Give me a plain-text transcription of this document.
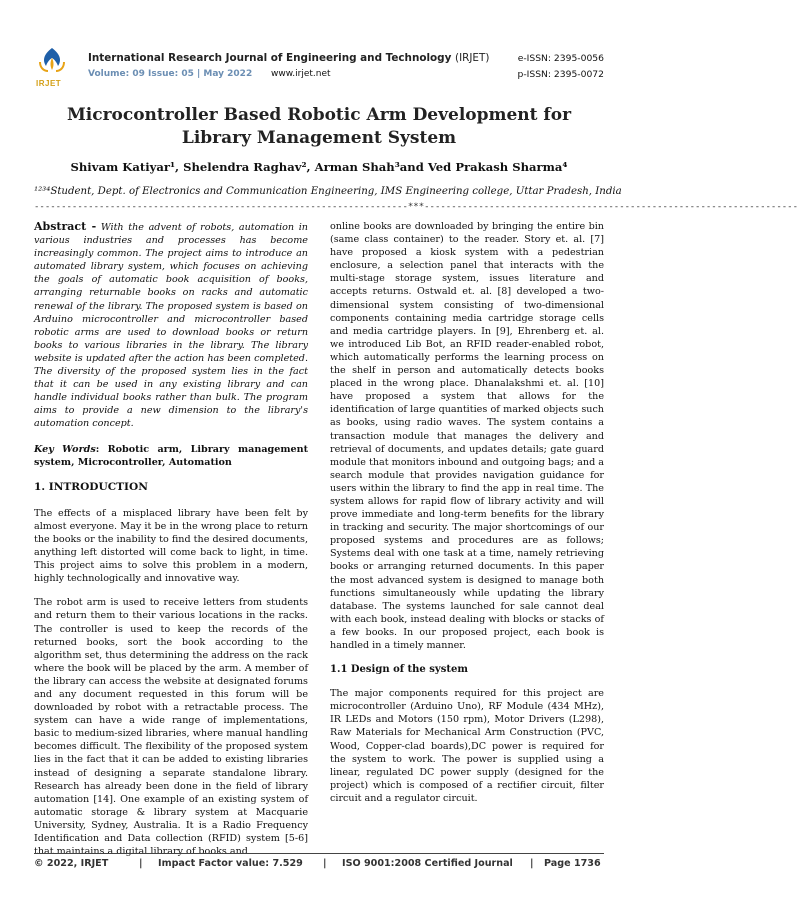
IRJET
International Research Journal of Engineering and Technology (IRJET)	e-ISSN: 2395-0056
Volume: 09 Issue: 05 | May 2022 www.irjet.net	p-ISSN: 2395-0072
Microcontroller Based Robotic Arm Development for
Library Management System
Shivam Katiyar¹, Shelendra Raghav², Arman Shah³and Ved Prakash Sharma⁴
¹²³⁴Student, Dept. of Electronics and Communication Engineering, IMS Engineering college, Uttar Pradesh, India
---------------------------------------------------------------------***---------------------------------------------------------------------

Abstract - With the advent of robots, automation in various industries and processes has become increasingly common. The project aims to introduce an automated library system, which focuses on achieving the goals of automatic book acquisition of books, arranging returnable books on racks and automatic renewal of the library. The proposed system is based on Arduino microcontroller and microcontroller based robotic arms are used to download books or return books to various libraries in the library. The library website is updated after the action has been completed. The diversity of the proposed system lies in the fact that it can be used in any existing library and can handle individual books rather than bulk. The program aims to provide a new dimension to the library's automation concept.

Key Words: Robotic arm, Library management system, Microcontroller, Automation

1. INTRODUCTION

The effects of a misplaced library have been felt by almost everyone. May it be in the wrong place to return the books or the inability to find the desired documents, anything left distorted will come back to light, in time. This project aims to solve this problem in a modern, highly technologically and innovative way.

The robot arm is used to receive letters from students and return them to their various locations in the racks. The controller is used to keep the records of the returned books, sort the book according to the algorithm set, thus determining the address on the rack where the book will be placed by the arm. A member of the library can access the website at designated forums and any document requested in this forum will be downloaded by robot with a retractable process. The system can have a wide range of implementations, basic to medium-sized libraries, where manual handling becomes difficult. The flexibility of the proposed system lies in the fact that it can be added to existing libraries instead of designing a separate standalone library. Research has already been done in the field of library automation [14]. One example of an existing system of automatic storage & library system at Macquarie University, Sydney, Australia. It is a Radio Frequency Identification and Data collection (RFID) system [5-6] that maintains a digital library of books and

online books are downloaded by bringing the entire bin (same class container) to the reader. Story et. al. [7] have proposed a kiosk system with a pedestrian enclosure, a selection panel that interacts with the multi-stage storage system, issues literature and accepts returns. Ostwald et. al. [8] developed a two-dimensional system consisting of two-dimensional components containing media cartridge storage cells and media cartridge players. In [9], Ehrenberg et. al. we introduced Lib Bot, an RFID reader-enabled robot, which automatically performs the learning process on the shelf in person and automatically detects books placed in the wrong place. Dhanalakshmi et. al. [10] have proposed a system that allows for the identification of large quantities of marked objects such as books, using radio waves. The system contains a transaction module that manages the delivery and retrieval of documents, and updates details; gate guard module that monitors inbound and outgoing bags; and a search module that provides navigation guidance for users within the library to find the app in real time. The system allows for rapid flow of library activity and will prove immediate and long-term benefits for the library in tracking and security. The major shortcomings of our proposed systems and procedures are as follows; Systems deal with one task at a time, namely retrieving books or arranging returned documents. In this paper the most advanced system is designed to manage both functions simultaneously while updating the library database. The systems launched for sale cannot deal with each book, instead dealing with blocks or stacks of a few books. In our proposed project, each book is handled in a timely manner.

1.1 Design of the system

The major components required for this project are microcontroller (Arduino Uno), RF Module (434 MHz), IR LEDs and Motors (150 rpm), Motor Drivers (L298), Raw Materials for Mechanical Arm Construction (PVC, Wood, Copper-clad boards),DC power is required for the system to work. The power is supplied using a linear, regulated DC power supply (designed for the project) which is composed of a rectifier circuit, filter circuit and a regulator circuit.

© 2022, IRJET	| Impact Factor value: 7.529 | ISO 9001:2008 Certified Journal | Page 1736
